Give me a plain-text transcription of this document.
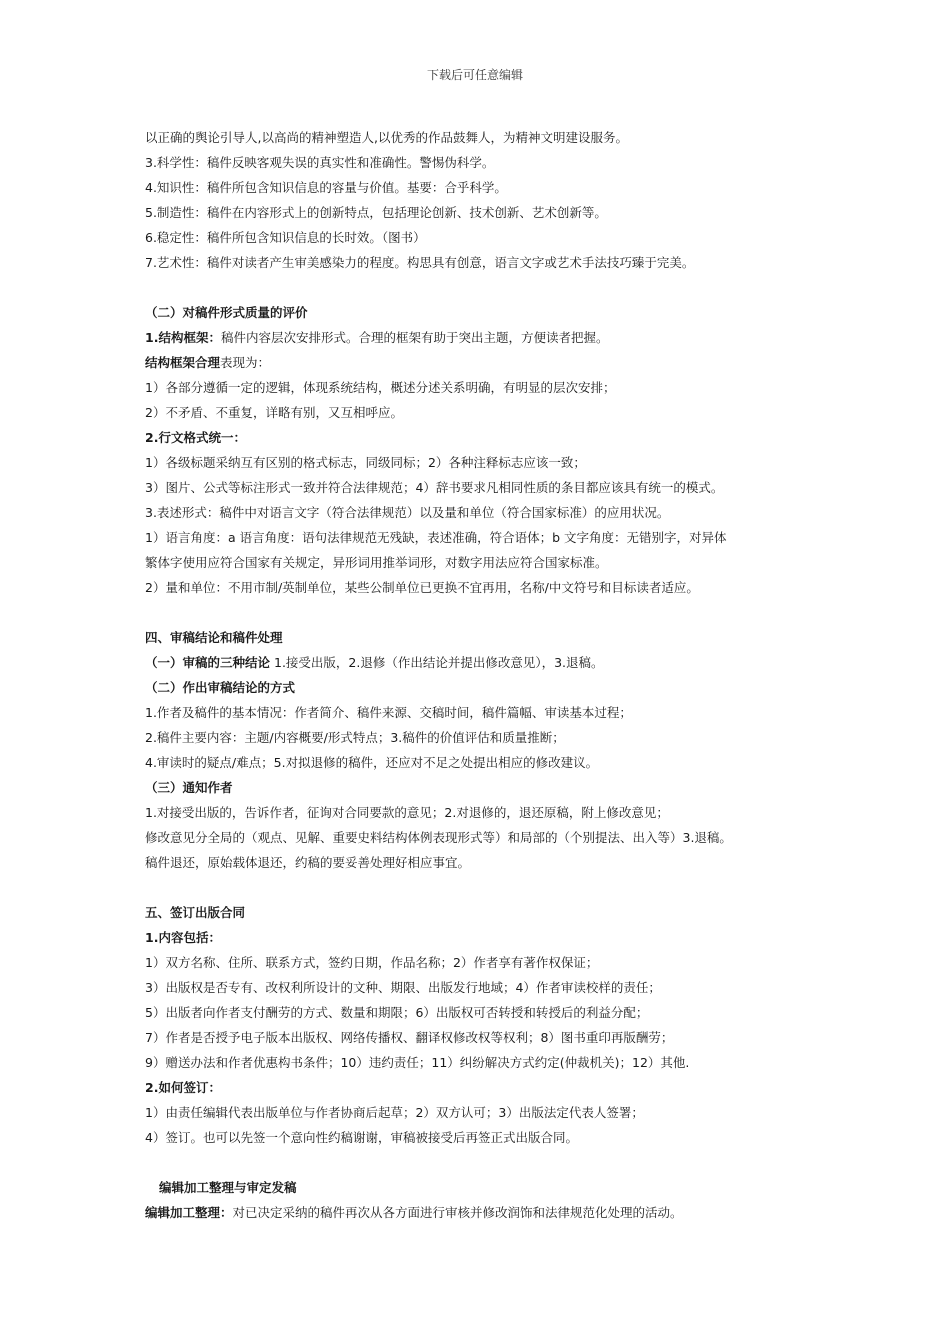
下载后可任意编辑
以正确的舆论引导人,以高尚的精神塑造人,以优秀的作品鼓舞人，为精神文明建设服务。
3.科学性：稿件反映客观失误的真实性和准确性。警惕伪科学。
4.知识性：稿件所包含知识信息的容量与价值。基要：合乎科学。
5.制造性：稿件在内容形式上的创新特点，包括理论创新、技术创新、艺术创新等。
6.稳定性：稿件所包含知识信息的长时效。（图书）
7.艺术性：稿件对读者产生审美感染力的程度。构思具有创意，语言文字或艺术手法技巧臻于完美。
（二）对稿件形式质量的评价
1.结构框架：稿件内容层次安排形式。合理的框架有助于突出主题，方便读者把握。
结构框架合理表现为：
1）各部分遵循一定的逻辑，体现系统结构，概述分述关系明确，有明显的层次安排；
2）不矛盾、不重复，详略有别，又互相呼应。
2.行文格式统一：
1）各级标题采纳互有区别的格式标志，同级同标；2）各种注释标志应该一致；
3）图片、公式等标注形式一致并符合法律规范；4）辞书要求凡相同性质的条目都应该具有统一的模式。
3.表述形式：稿件中对语言文字（符合法律规范）以及量和单位（符合国家标准）的应用状况。
1）语言角度：a 语言角度：语句法律规范无残缺，表述准确，符合语体；b 文字角度：无错别字，对异体
繁体字使用应符合国家有关规定，异形词用推举词形，对数字用法应符合国家标准。
2）量和单位：不用市制/英制单位，某些公制单位已更换不宜再用，名称/中文符号和目标读者适应。
四、审稿结论和稿件处理
（一）审稿的三种结论 1.接受出版，2.退修（作出结论并提出修改意见），3.退稿。
（二）作出审稿结论的方式
1.作者及稿件的基本情况：作者简介、稿件来源、交稿时间，稿件篇幅、审读基本过程；
2.稿件主要内容：主题/内容概要/形式特点；3.稿件的价值评估和质量推断；
4.审读时的疑点/难点；5.对拟退修的稿件，还应对不足之处提出相应的修改建议。
（三）通知作者
1.对接受出版的，告诉作者，征询对合同要款的意见；2.对退修的，退还原稿，附上修改意见；
修改意见分全局的（观点、见解、重要史料结构体例表现形式等）和局部的（个别提法、出入等）3.退稿。
稿件退还，原始载体退还，约稿的要妥善处理好相应事宜。
五、签订出版合同
1.内容包括：
1）双方名称、住所、联系方式，签约日期，作品名称；2）作者享有著作权保证；
3）出版权是否专有、改权利所设计的文种、期限、出版发行地域；4）作者审读校样的责任；
5）出版者向作者支付酬劳的方式、数量和期限；6）出版权可否转授和转授后的利益分配；
7）作者是否授予电子版本出版权、网络传播权、翻译权修改权等权利；8）图书重印再版酬劳；
9）赠送办法和作者优惠构书条件；10）违约责任；11）纠纷解决方式约定(仲裁机关)；12）其他.
2.如何签订：
1）由责任编辑代表出版单位与作者协商后起草；2）双方认可；3）出版法定代表人签署；
4）签订。也可以先签一个意向性约稿谢谢，审稿被接受后再签正式出版合同。
编辑加工整理与审定发稿
编辑加工整理：对已决定采纳的稿件再次从各方面进行审核并修改润饰和法律规范化处理的活动。
